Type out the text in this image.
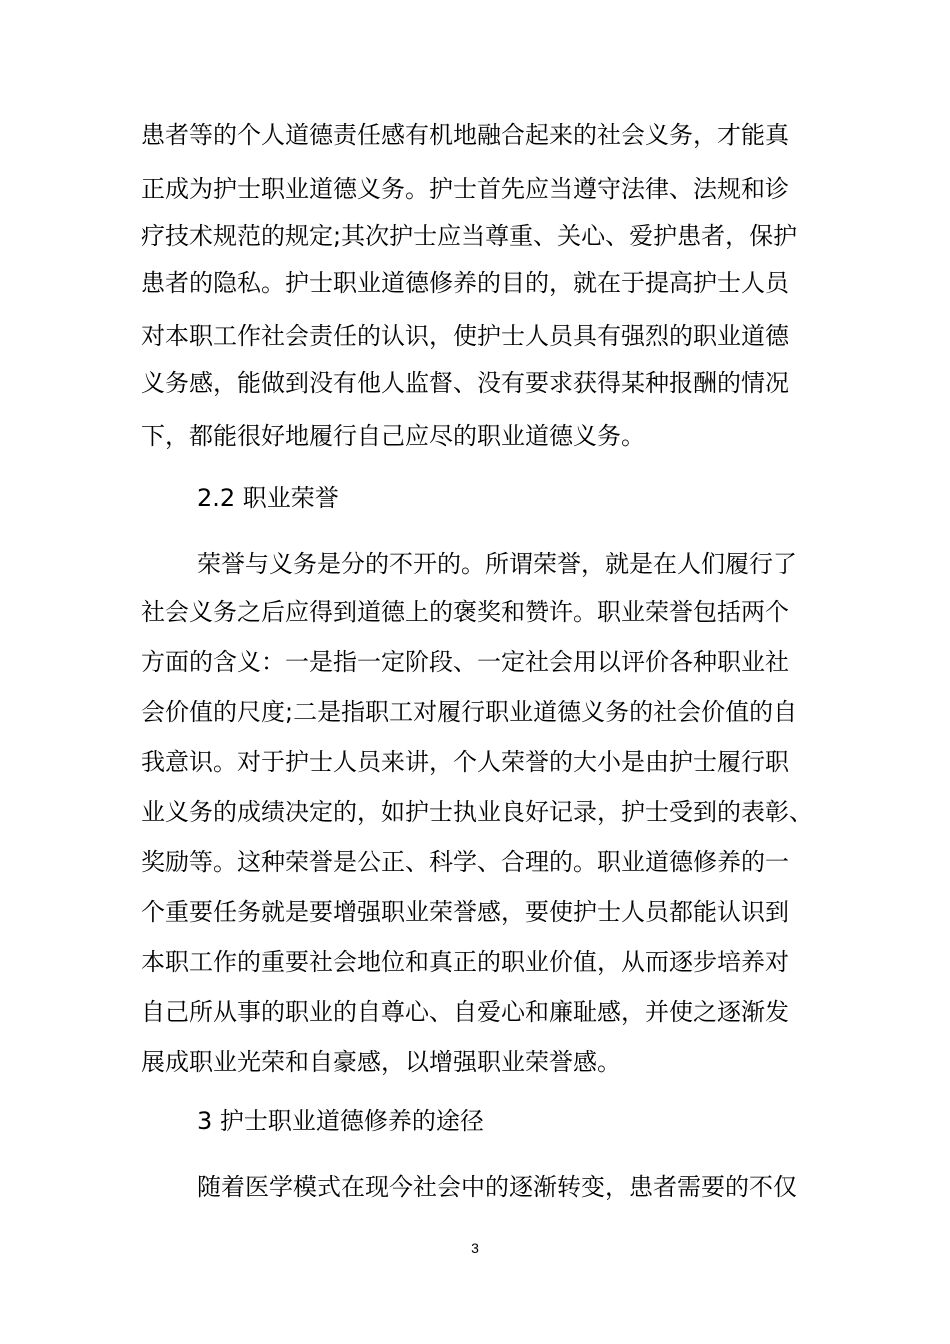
患者等的个人道德责任感有机地融合起来的社会义务，才能真
正成为护士职业道德义务。护士首先应当遵守法律、法规和诊
疗技术规范的规定;其次护士应当尊重、关心、爱护患者，保护
患者的隐私。护士职业道德修养的目的，就在于提高护士人员
对本职工作社会责任的认识，使护士人员具有强烈的职业道德
义务感，能做到没有他人监督、没有要求获得某种报酬的情况
下，都能很好地履行自己应尽的职业道德义务。
2.2 职业荣誉
荣誉与义务是分的不开的。所谓荣誉，就是在人们履行了
社会义务之后应得到道德上的褒奖和赞许。职业荣誉包括两个
方面的含义：一是指一定阶段、一定社会用以评价各种职业社
会价值的尺度;二是指职工对履行职业道德义务的社会价值的自
我意识。对于护士人员来讲，个人荣誉的大小是由护士履行职
业义务的成绩决定的，如护士执业良好记录，护士受到的表彰、
奖励等。这种荣誉是公正、科学、合理的。职业道德修养的一
个重要任务就是要增强职业荣誉感，要使护士人员都能认识到
本职工作的重要社会地位和真正的职业价值，从而逐步培养对
自己所从事的职业的自尊心、自爱心和廉耻感，并使之逐渐发
展成职业光荣和自豪感，以增强职业荣誉感。
3 护士职业道德修养的途径
随着医学模式在现今社会中的逐渐转变，患者需要的不仅
3
